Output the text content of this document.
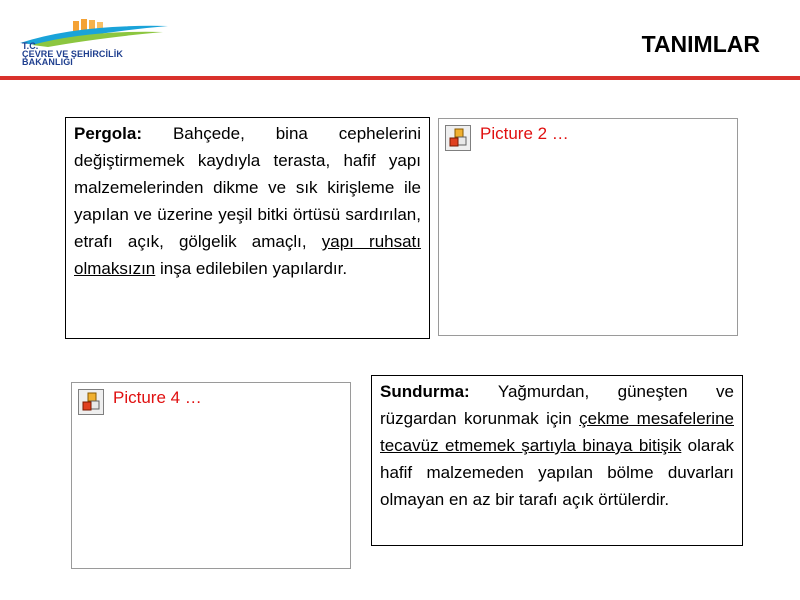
T.C.
ÇEVRE VE ŞEHİRCİLİK
BAKANLIĞI
TANIMLAR
Pergola: Bahçede, bina cephelerini değiştirmemek kaydıyla terasta, hafif yapı malzemelerinden dikme ve sık kirişleme ile yapılan ve üzerine yeşil bitki örtüsü sardırılan, etrafı açık, gölgelik amaçlı, yapı ruhsatı olmaksızın inşa edilebilen yapılardır.
Picture 2 …
Picture 4 …	Sundurma: Yağmurdan, güneşten ve rüzgardan korunmak için çekme mesafelerine tecavüz etmemek şartıyla binaya bitişik olarak hafif malzemeden yapılan bölme duvarları olmayan en az bir tarafı açık örtülerdir.
